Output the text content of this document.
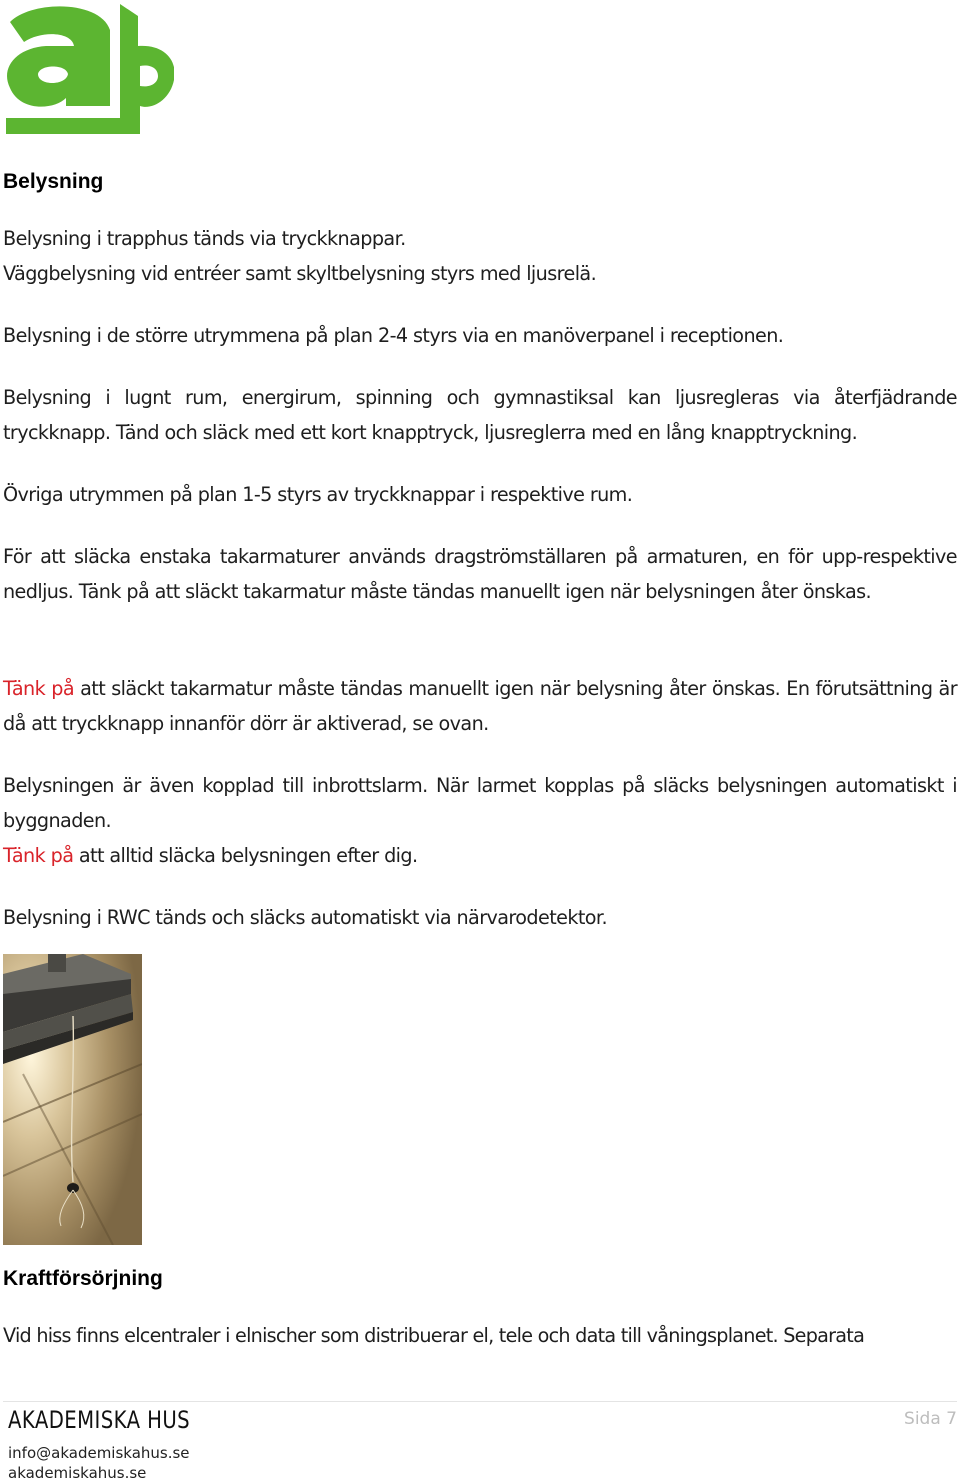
Belysning

Belysning i trapphus tänds via tryckknappar.
Väggbelysning vid entréer samt skyltbelysning styrs med ljusrelä.

Belysning i de större utrymmena på plan 2-4 styrs via en manöverpanel i receptionen.

Belysning i lugnt rum, energirum, spinning och gymnastiksal kan ljusregleras via återfjädrande tryckknapp. Tänd och släck med ett kort knapptryck, ljusreglerra med en lång knapptryckning.

Övriga utrymmen på plan 1-5 styrs av tryckknappar i respektive rum.

För att släcka enstaka takarmaturer används dragströmställaren på armaturen, en för upp-respektive nedljus. Tänk på att släckt takarmatur måste tändas manuellt igen när belysningen åter önskas.

Tänk på att släckt takarmatur måste tändas manuellt igen när belysning åter önskas. En förutsättning är då att tryckknapp innanför dörr är aktiverad, se ovan.

Belysningen är även kopplad till inbrottslarm. När larmet kopplas på släcks belysningen automatiskt i byggnaden.
Tänk på att alltid släcka belysningen efter dig.

Belysning i RWC tänds och släcks automatiskt via närvarodetektor.

Kraftförsörjning

Vid hiss finns elcentraler i elnischer som distribuerar el, tele och data till våningsplanet. Separata

AKADEMISKA HUS

info@akademiskahus.se

akademiskahus.se

Sida 7
